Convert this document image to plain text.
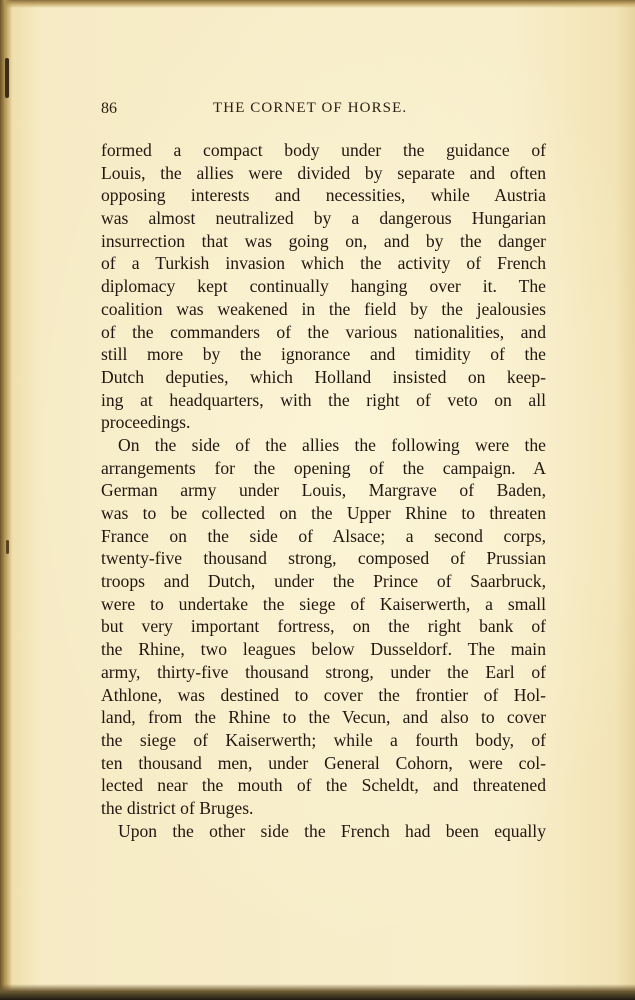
86	THE CORNET OF HORSE.
formed a compact body under the guidance of
Louis, the allies were divided by separate and often
opposing interests and necessities, while Austria
was almost neutralized by a dangerous Hungarian
insurrection that was going on, and by the danger
of a Turkish invasion which the activity of French
diplomacy kept continually hanging over it. The
coalition was weakened in the field by the jealousies
of the commanders of the various nationalities, and
still more by the ignorance and timidity of the
Dutch deputies, which Holland insisted on keep-
ing at headquarters, with the right of veto on all
proceedings.
On the side of the allies the following were the
arrangements for the opening of the campaign. A
German army under Louis, Margrave of Baden,
was to be collected on the Upper Rhine to threaten
France on the side of Alsace; a second corps,
twenty-five thousand strong, composed of Prussian
troops and Dutch, under the Prince of Saarbruck,
were to undertake the siege of Kaiserwerth, a small
but very important fortress, on the right bank of
the Rhine, two leagues below Dusseldorf. The main
army, thirty-five thousand strong, under the Earl of
Athlone, was destined to cover the frontier of Hol-
land, from the Rhine to the Vecun, and also to cover
the siege of Kaiserwerth; while a fourth body, of
ten thousand men, under General Cohorn, were col-
lected near the mouth of the Scheldt, and threatened
the district of Bruges.
Upon the other side the French had been equally
